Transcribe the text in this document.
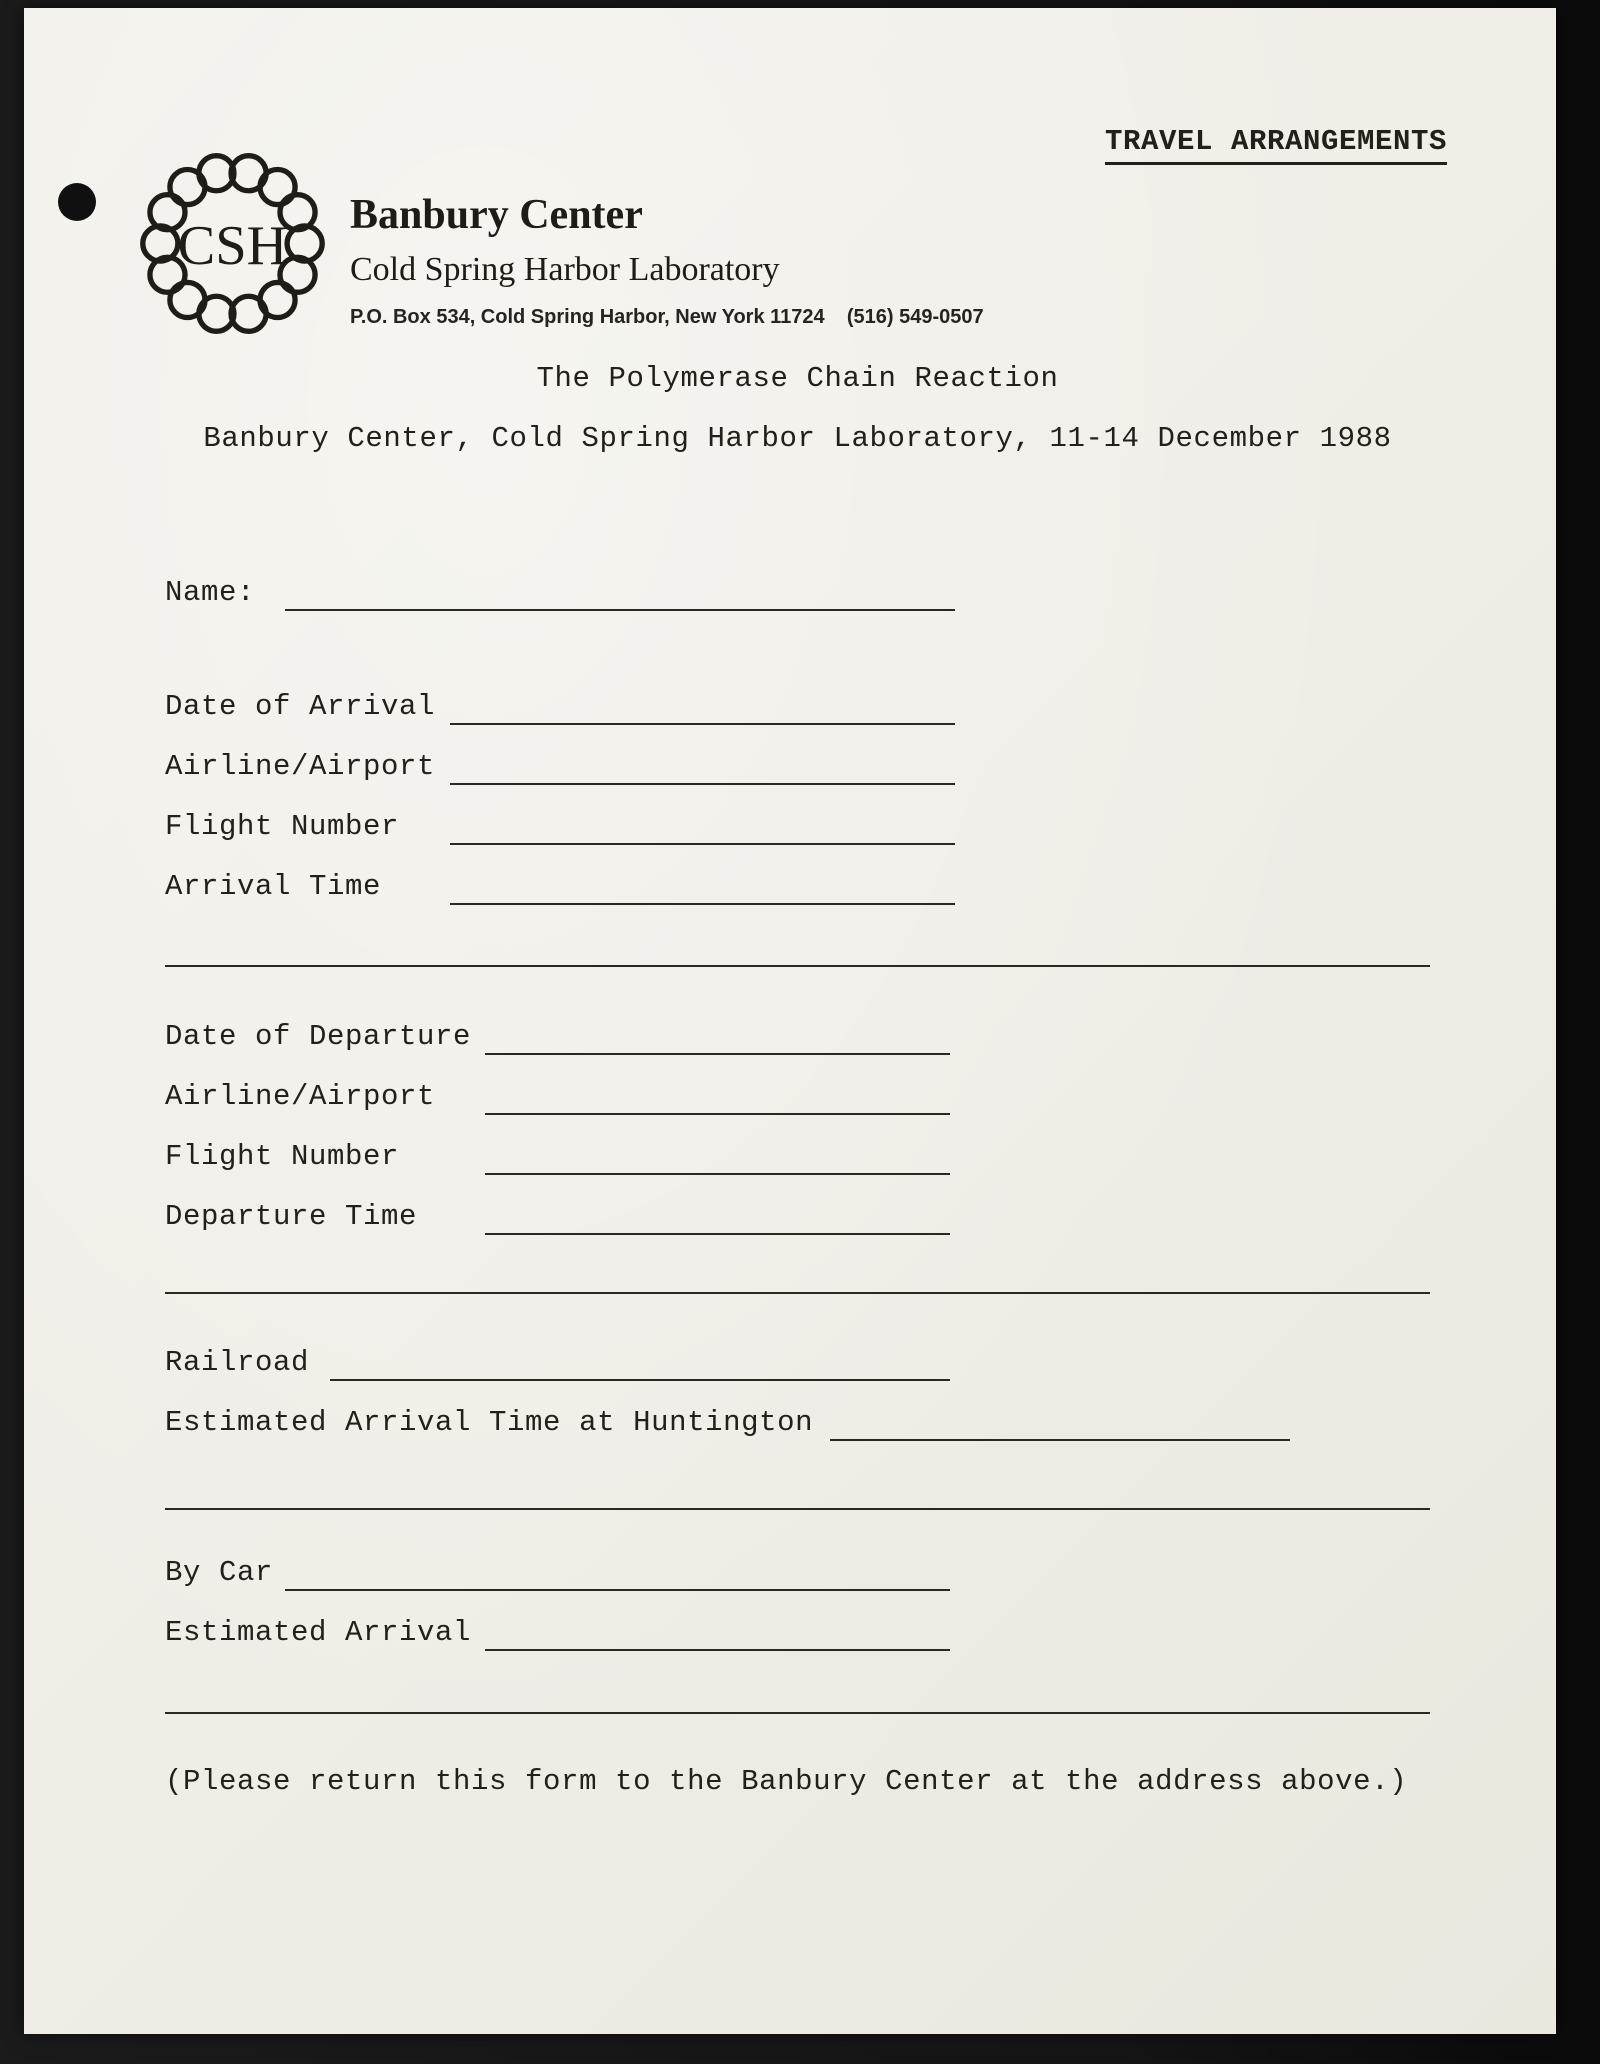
TRAVEL ARRANGEMENTS
CSH Banbury Center
Cold Spring Harbor Laboratory
P.O. Box 534, Cold Spring Harbor, New York 11724    (516) 549-0507
The Polymerase Chain Reaction
Banbury Center, Cold Spring Harbor Laboratory, 11-14 December 1988
Name:
Date of Arrival
Airline/Airport
Flight Number
Arrival Time
Date of Departure
Airline/Airport
Flight Number
Departure Time
Railroad
Estimated Arrival Time at Huntington
By Car
Estimated Arrival
(Please return this form to the Banbury Center at the address above.)
